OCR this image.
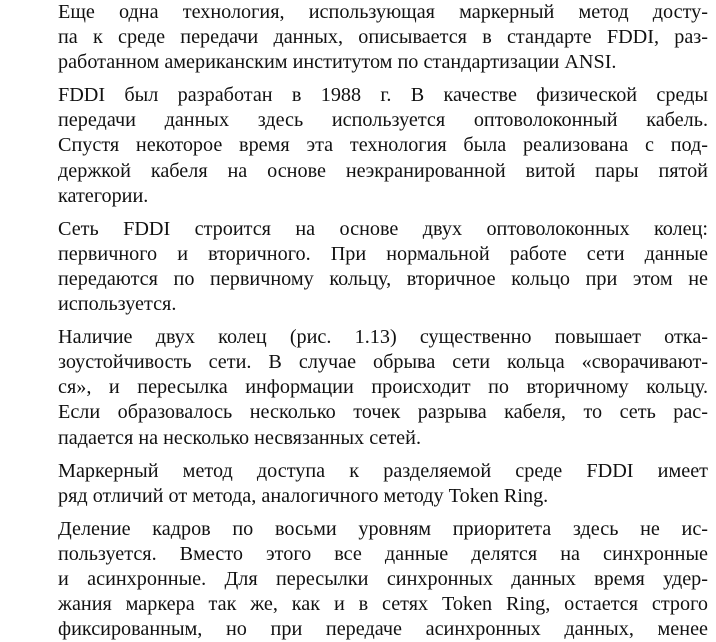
Еще одна технология, использующая маркерный метод досту-
па к среде передачи данных, описывается в стандарте FDDI, раз-
работанном американским институтом по стандартизации ANSI.
FDDI был разработан в 1988 г. В качестве физической среды
передачи данных здесь используется оптоволоконный кабель.
Спустя некоторое время эта технология была реализована с под-
держкой кабеля на основе неэкранированной витой пары пятой
категории.
Сеть FDDI строится на основе двух оптоволоконных колец:
первичного и вторичного. При нормальной работе сети данные
передаются по первичному кольцу, вторичное кольцо при этом не
используется.
Наличие двух колец (рис. 1.13) существенно повышает отка-
зоустойчивость сети. В случае обрыва сети кольца «сворачивают-
ся», и пересылка информации происходит по вторичному кольцу.
Если образовалось несколько точек разрыва кабеля, то сеть рас-
падается на несколько несвязанных сетей.
Маркерный метод доступа к разделяемой среде FDDI имеет
ряд отличий от метода, аналогичного методу Token Ring.
Деление кадров по восьми уровням приоритета здесь не ис-
пользуется. Вместо этого все данные делятся на синхронные
и асинхронные. Для пересылки синхронных данных время удер-
жания маркера так же, как и в сетях Token Ring, остается строго
фиксированным, но при передаче асинхронных данных, менее
